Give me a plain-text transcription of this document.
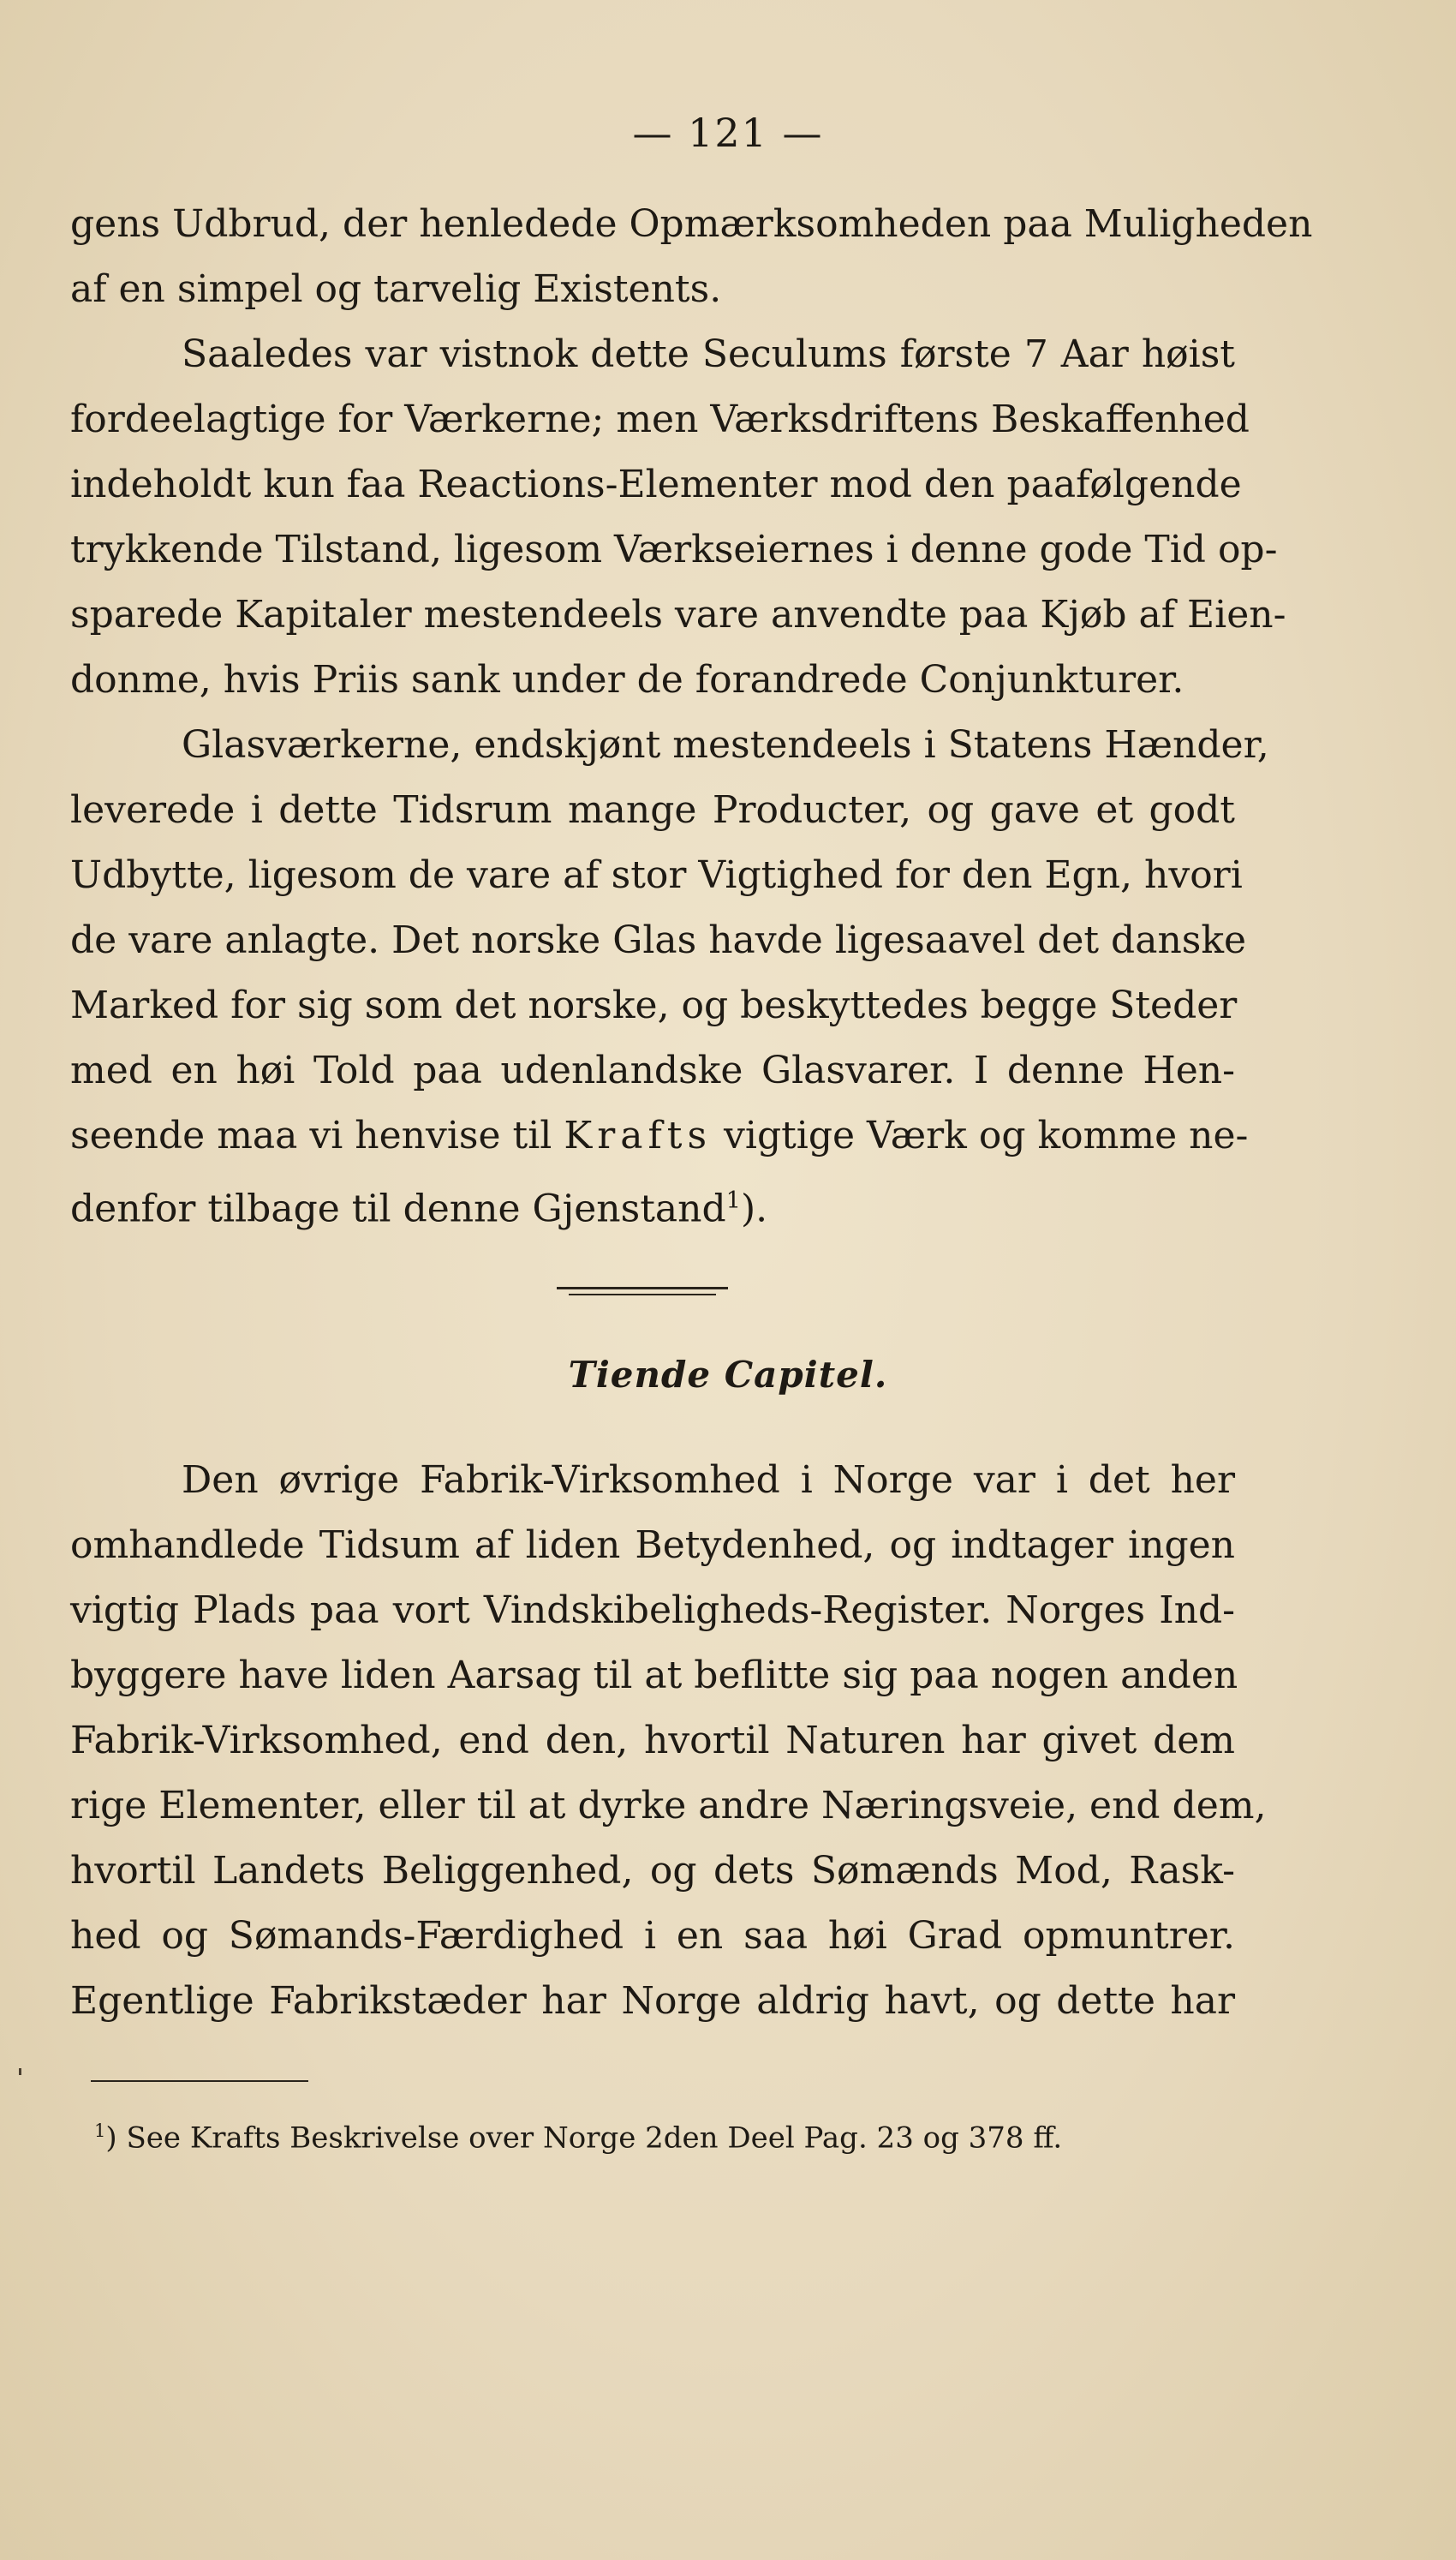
— 121 —
gens Udbrud, der henledede Opmærksomheden paa Muligheden
af en simpel og tarvelig Existents.
Saaledes var vistnok dette Seculums første 7 Aar høist
fordeelagtige for Værkerne; men Værksdriftens Beskaffenhed
indeholdt kun faa Reactions-Elementer mod den paafølgende
trykkende Tilstand, ligesom Værkseiernes i denne gode Tid op-
sparede Kapitaler mestendeels vare anvendte paa Kjøb af Eien-
donme, hvis Priis sank under de forandrede Conjunkturer.
Glasværkerne, endskjønt mestendeels i Statens Hænder,
leverede i dette Tidsrum mange Producter, og gave et godt
Udbytte, ligesom de vare af stor Vigtighed for den Egn, hvori
de vare anlagte. Det norske Glas havde ligesaavel det danske
Marked for sig som det norske, og beskyttedes begge Steder
med en høi Told paa udenlandske Glasvarer. I denne Hen-
seende maa vi henvise til Krafts vigtige Værk og komme ne-
denfor tilbage til denne Gjenstand$^1$).
Tiende Capitel.
Den øvrige Fabrik-Virksomhed i Norge var i det her
omhandlede Tidsum af liden Betydenhed, og indtager ingen
vigtig Plads paa vort Vindskibeligheds-Register. Norges Ind-
byggere have liden Aarsag til at beflitte sig paa nogen anden
Fabrik-Virksomhed, end den, hvortil Naturen har givet dem
rige Elementer, eller til at dyrke andre Næringsveie, end dem,
hvortil Landets Beliggenhed, og dets Sømænds Mod, Rask-
hed og Sømands-Færdighed i en saa høi Grad opmuntrer.
Egentlige Fabrikstæder har Norge aldrig havt, og dette har
$^1$) See Krafts Beskrivelse over Norge 2den Deel Pag. 23 og 378 ff.
